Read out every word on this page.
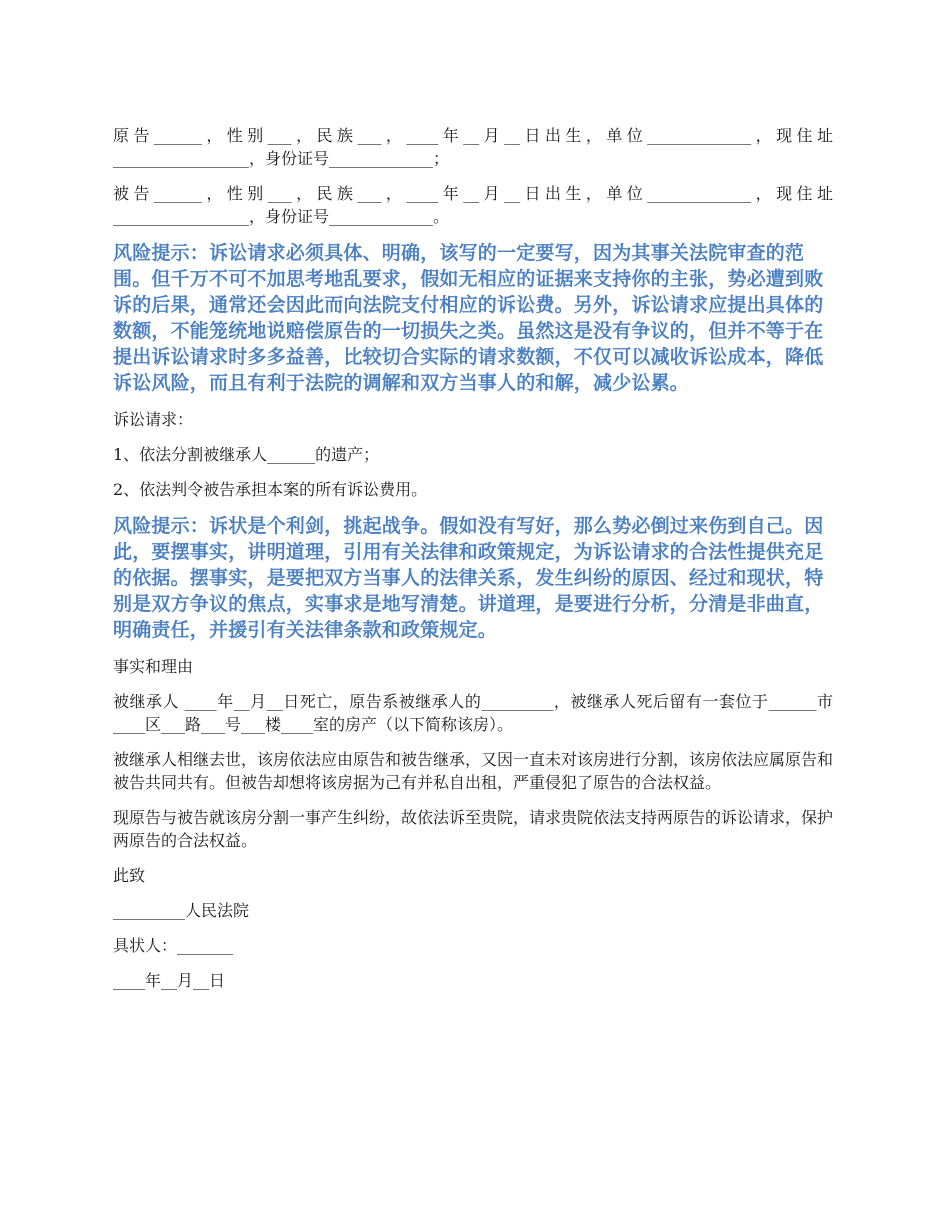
原告______，性别___，民族___，____年__月__日出生，单位_____________，现住址_________________，身份证号_____________；

被告______，性别___，民族___，____年__月__日出生，单位_____________，现住址_________________，身份证号_____________。

风险提示：诉讼请求必须具体、明确，该写的一定要写，因为其事关法院审查的范围。但千万不可不加思考地乱要求，假如无相应的证据来支持你的主张，势必遭到败诉的后果，通常还会因此而向法院支付相应的诉讼费。另外，诉讼请求应提出具体的数额，不能笼统地说赔偿原告的一切损失之类。虽然这是没有争议的，但并不等于在提出诉讼请求时多多益善，比较切合实际的请求数额，不仅可以减收诉讼成本，降低诉讼风险，而且有利于法院的调解和双方当事人的和解，减少讼累。

诉讼请求：

1、依法分割被继承人______的遗产；

2、依法判令被告承担本案的所有诉讼费用。

风险提示：诉状是个利剑，挑起战争。假如没有写好，那么势必倒过来伤到自己。因此，要摆事实，讲明道理，引用有关法律和政策规定，为诉讼请求的合法性提供充足的依据。摆事实，是要把双方当事人的法律关系，发生纠纷的原因、经过和现状，特别是双方争议的焦点，实事求是地写清楚。讲道理，是要进行分析，分清是非曲直，明确责任，并援引有关法律条款和政策规定。

事实和理由

被继承人 ____年__月__日死亡，原告系被继承人的_________，被继承人死后留有一套位于______市____区___路___号___楼____室的房产（以下简称该房）。

被继承人相继去世，该房依法应由原告和被告继承，又因一直未对该房进行分割，该房依法应属原告和被告共同共有。但被告却想将该房据为己有并私自出租，严重侵犯了原告的合法权益。

现原告与被告就该房分割一事产生纠纷，故依法诉至贵院，请求贵院依法支持两原告的诉讼请求，保护两原告的合法权益。

此致

_________人民法院

具状人：_______

____年__月__日
